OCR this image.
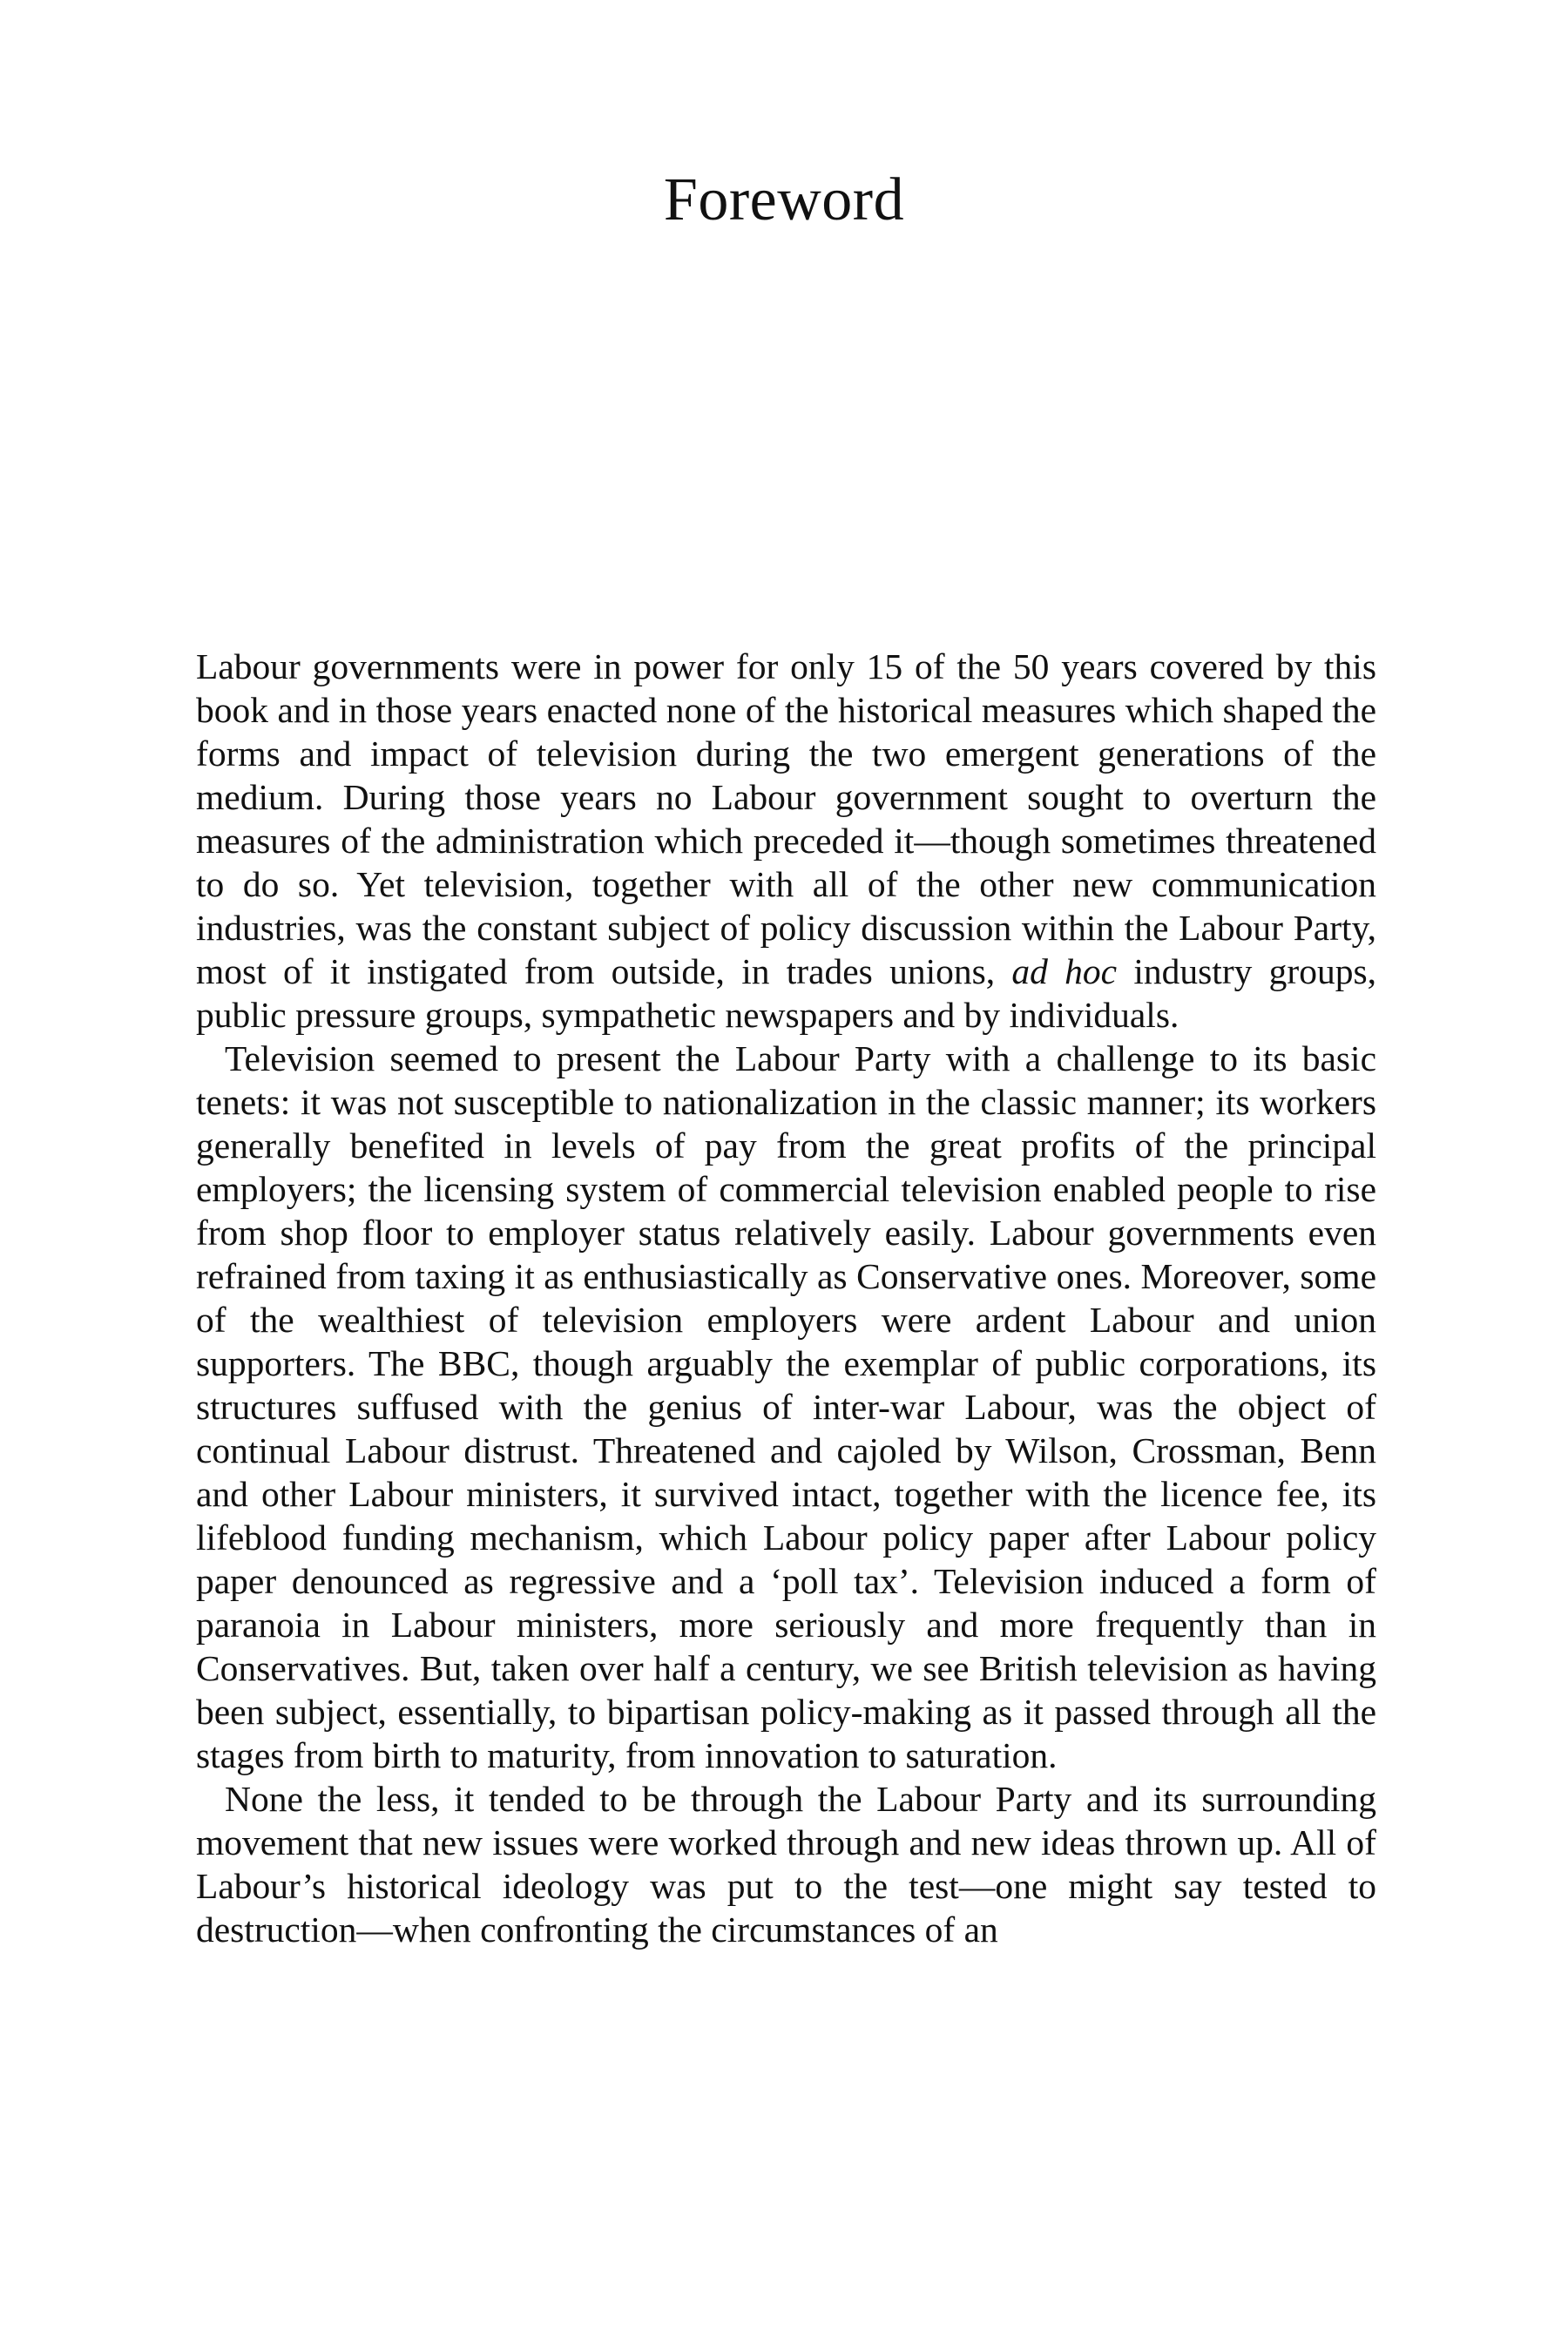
Foreword

Labour governments were in power for only 15 of the 50 years covered by this book and in those years enacted none of the historical measures which shaped the forms and impact of television during the two emergent generations of the medium. During those years no Labour government sought to overturn the measures of the administration which preceded it—though sometimes threatened to do so. Yet television, together with all of the other new communication industries, was the constant subject of policy discussion within the Labour Party, most of it instigated from outside, in trades unions, ad hoc industry groups, public pressure groups, sympathetic newspapers and by individuals.

Television seemed to present the Labour Party with a challenge to its basic tenets: it was not susceptible to nationalization in the classic manner; its workers generally benefited in levels of pay from the great profits of the principal employers; the licensing system of commercial television enabled people to rise from shop floor to employer status relatively easily. Labour governments even refrained from taxing it as enthusiastically as Conservative ones. Moreover, some of the wealthiest of television employers were ardent Labour and union supporters. The BBC, though arguably the exemplar of public corporations, its structures suffused with the genius of inter-war Labour, was the object of continual Labour distrust. Threatened and cajoled by Wilson, Crossman, Benn and other Labour ministers, it survived intact, together with the licence fee, its lifeblood funding mechanism, which Labour policy paper after Labour policy paper denounced as regressive and a ‘poll tax’. Television induced a form of paranoia in Labour ministers, more seriously and more frequently than in Conservatives. But, taken over half a century, we see British television as having been subject, essentially, to bipartisan policy-making as it passed through all the stages from birth to maturity, from innovation to saturation.

None the less, it tended to be through the Labour Party and its surrounding movement that new issues were worked through and new ideas thrown up. All of Labour’s historical ideology was put to the test—one might say tested to destruction—when confronting the circumstances of an
